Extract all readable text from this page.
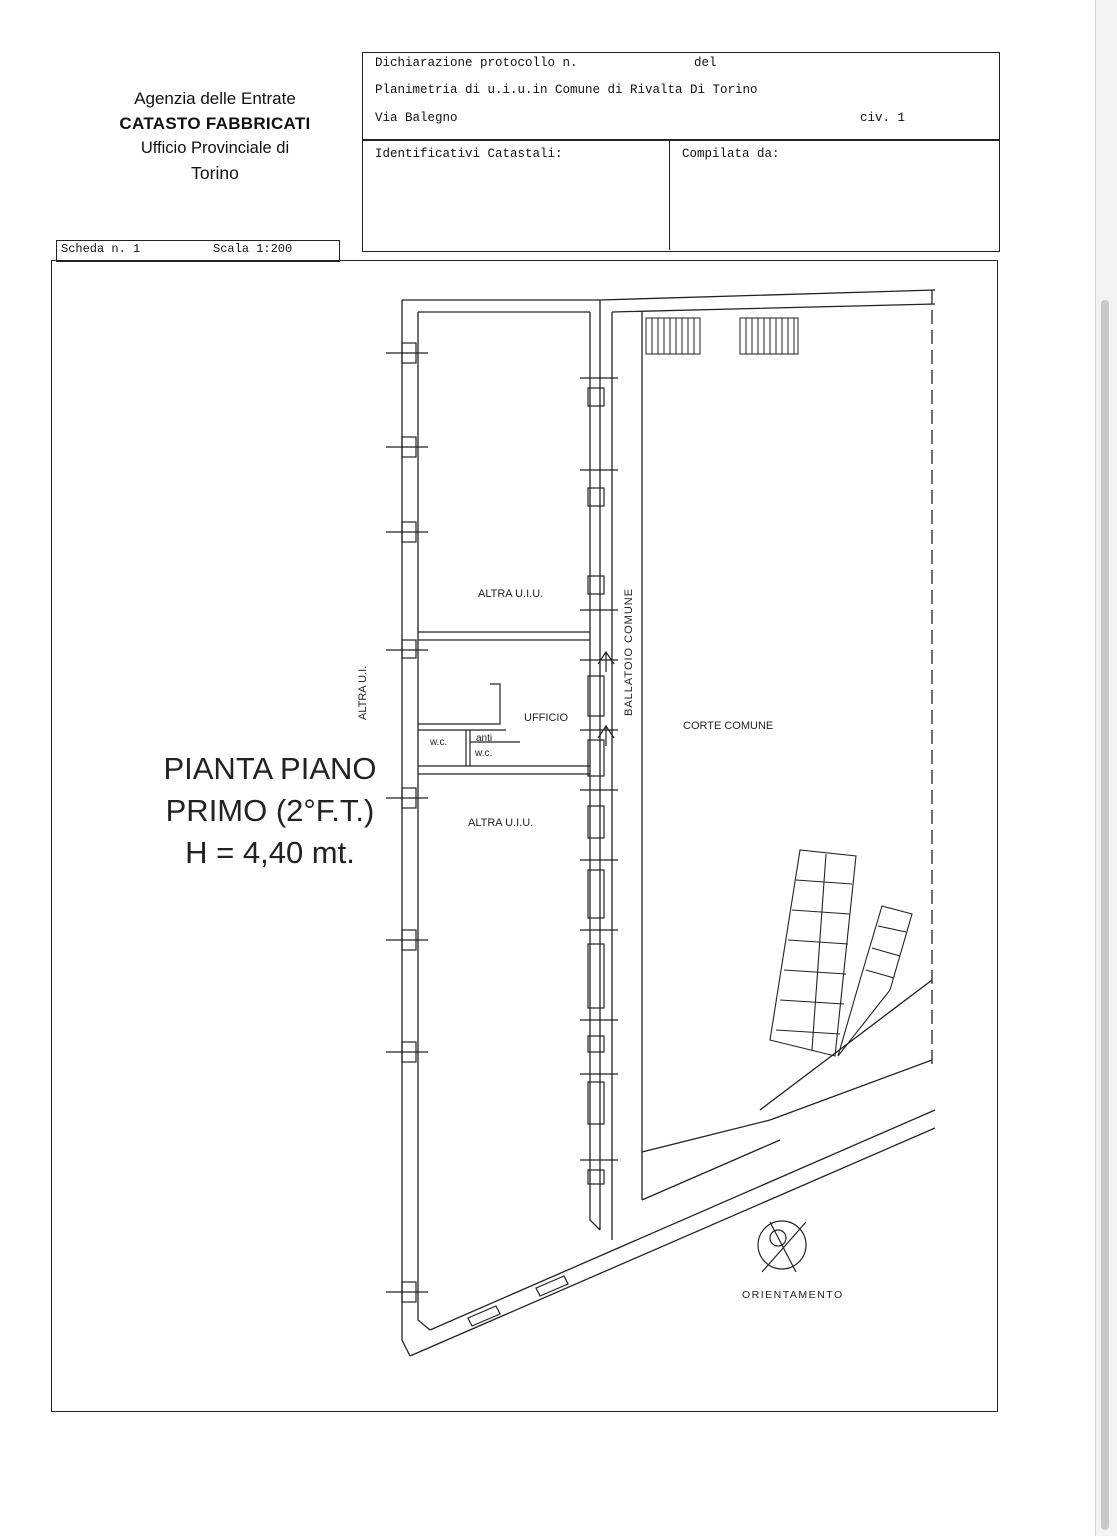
Agenzia delle Entrate
CATASTO FABBRICATI
Ufficio Provinciale di
Torino
Dichiarazione protocollo n.	del
Planimetria di u.i.u.in Comune di Rivalta Di Torino
Via Balegno	civ. 1
Identificativi Catastali:	Compilata da:
Scheda n. 1	Scala 1:200
PIANTA PIANO
PRIMO (2°F.T.)
H = 4,40 mt.
ALTRA U.I.U.
ALTRA U.I.U.
UFFICIO
w.c.
w.c.
anti
CORTE COMUNE
ORIENTAMENTO
ALTRA U.I.	BALLATOIO COMUNE
